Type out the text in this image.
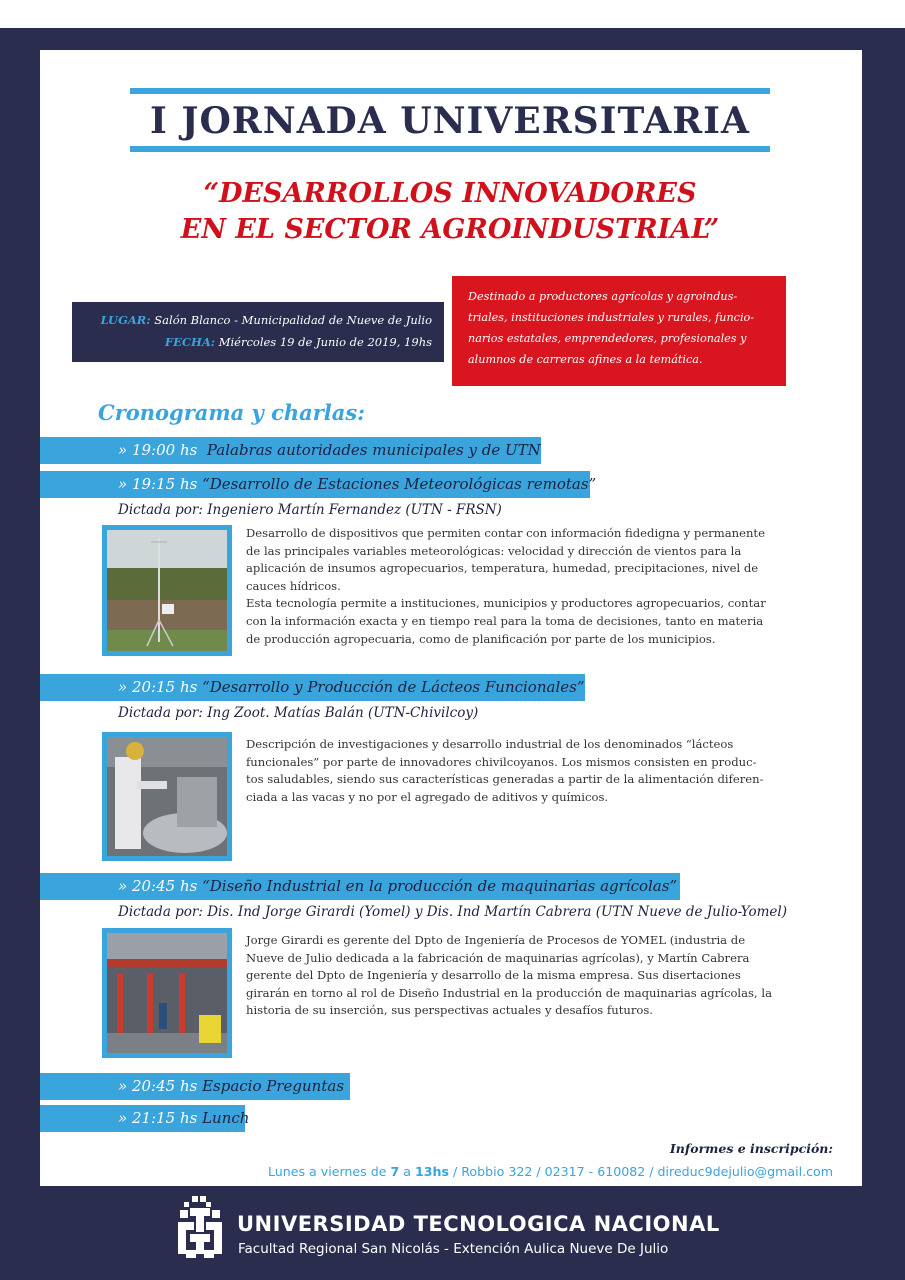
I JORNADA UNIVERSITARIA
“DESARROLLOS INNOVADORES
EN EL SECTOR AGROINDUSTRIAL”
LUGAR: Salón Blanco - Municipalidad de Nueve de Julio
FECHA: Miércoles 19 de Junio de 2019, 19hs
Destinado a productores agrícolas y agroindus-
triales, instituciones industriales y rurales, funcio-
narios estatales, emprendedores, profesionales y
alumnos de carreras afines a la temática.
Cronograma y charlas:
» 19:00 hs Palabras autoridades municipales y de UTN
» 19:15 hs “Desarrollo de Estaciones Meteorológicas remotas”
Dictada por: Ingeniero Martín Fernandez (UTN - FRSN)
Desarrollo de dispositivos que permiten contar con información fidedigna y permanente
de las principales variables meteorológicas: velocidad y dirección de vientos para la
aplicación de insumos agropecuarios, temperatura, humedad, precipitaciones, nivel de
cauces hídricos.
Esta tecnología permite a instituciones, municipios y productores agropecuarios, contar
con la información exacta y en tiempo real para la toma de decisiones, tanto en materia
de producción agropecuaria, como de planificación por parte de los municipios.
» 20:15 hs “Desarrollo y Producción de Lácteos Funcionales”
Dictada por: Ing Zoot. Matías Balán (UTN-Chivilcoy)
Descripción de investigaciones y desarrollo industrial de los denominados “lácteos
funcionales” por parte de innovadores chivilcoyanos. Los mismos consisten en produc-
tos saludables, siendo sus características generadas a partir de la alimentación diferen-
ciada a las vacas y no por el agregado de aditivos y químicos.
» 20:45 hs “Diseño Industrial en la producción de maquinarias agrícolas”
Dictada por: Dis. Ind Jorge Girardi (Yomel) y Dis. Ind Martín Cabrera (UTN Nueve de Julio-Yomel)
Jorge Girardi es gerente del Dpto de Ingeniería de Procesos de YOMEL (industria de
Nueve de Julio dedicada a la fabricación de maquinarias agrícolas), y Martín Cabrera
gerente del Dpto de Ingeniería y desarrollo de la misma empresa. Sus disertaciones
girarán en torno al rol de Diseño Industrial en la producción de maquinarias agrícolas, la
historia de su inserción, sus perspectivas actuales y desafíos futuros.
» 20:45 hs Espacio Preguntas
» 21:15 hs Lunch
Informes e inscripción:
Lunes a viernes de 7 a 13hs / Robbio 322 / 02317 - 610082 / direduc9dejulio@gmail.com
UNIVERSIDAD TECNOLOGICA NACIONAL
Facultad Regional San Nicolás - Extención Aulica Nueve De Julio
